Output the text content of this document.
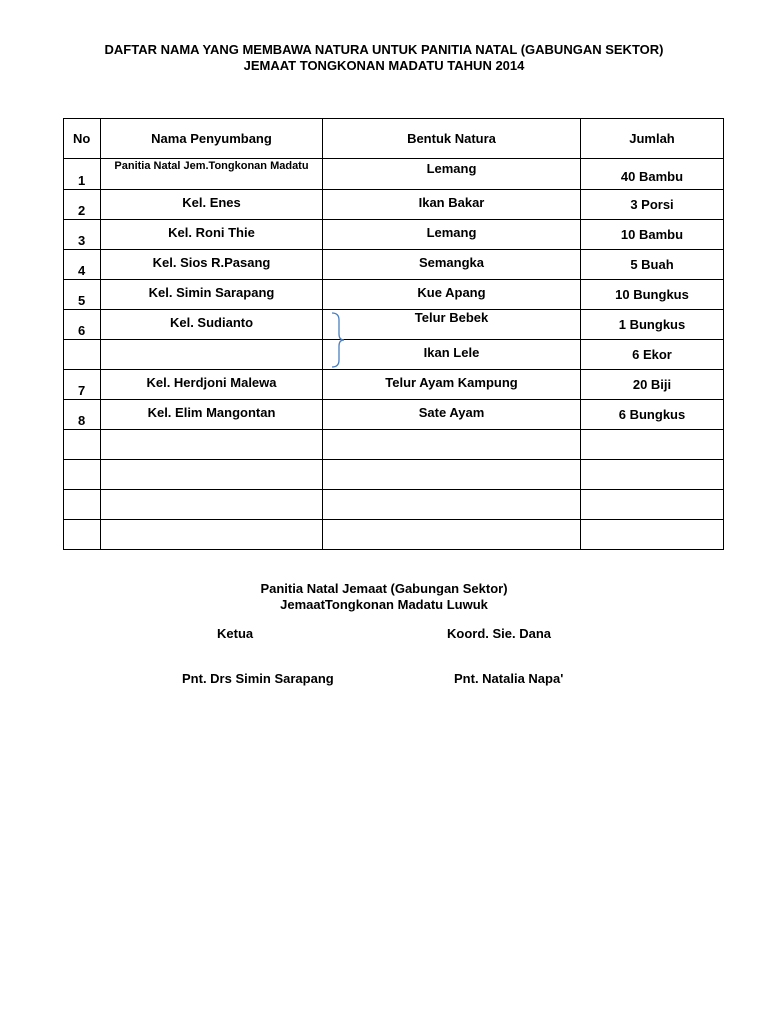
DAFTAR NAMA YANG MEMBAWA NATURA UNTUK PANITIA NATAL (GABUNGAN SEKTOR)
JEMAAT TONGKONAN MADATU TAHUN 2014
No	Nama Penyumbang	Bentuk Natura	Jumlah
1	Panitia Natal Jem.Tongkonan Madatu	Lemang	40 Bambu
2	Kel. Enes	Ikan Bakar	3 Porsi
3	Kel. Roni Thie	Lemang	10 Bambu
4	Kel. Sios R.Pasang	Semangka	5 Buah
5	Kel. Simin Sarapang	Kue Apang	10 Bungkus
6	Kel. Sudianto	Telur Bebek	1 Bungkus
		Ikan Lele	6 Ekor
7	Kel. Herdjoni Malewa	Telur Ayam Kampung	20 Biji
8	Kel. Elim Mangontan	Sate Ayam	6 Bungkus

Panitia Natal Jemaat (Gabungan Sektor)
JemaatTongkonan Madatu Luwuk
Ketua	Koord. Sie. Dana
Pnt. Drs Simin Sarapang	Pnt. Natalia Napa'
